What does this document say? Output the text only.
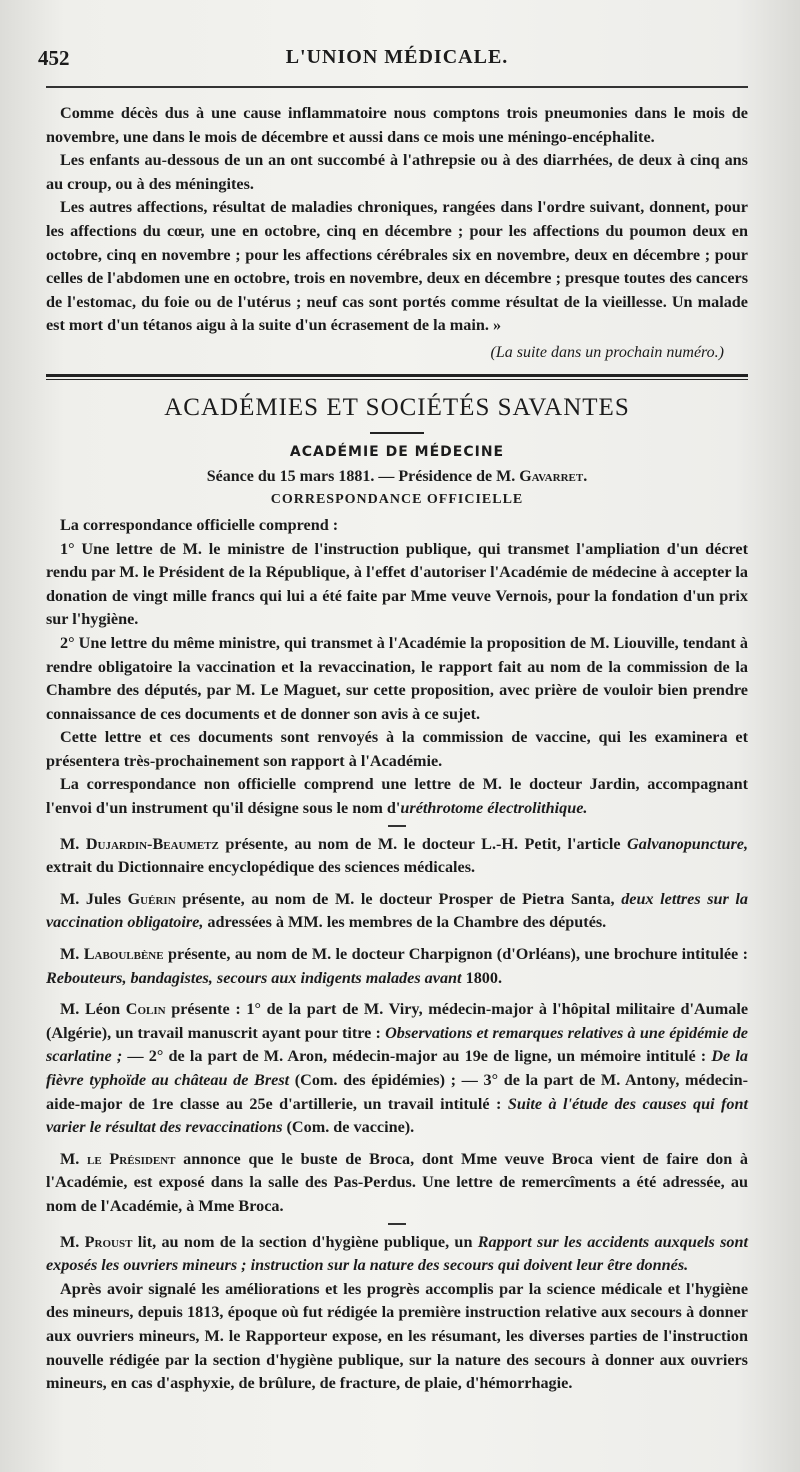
452	L'UNION MÉDICALE.

Comme décès dus à une cause inflammatoire nous comptons trois pneumonies dans le mois de novembre, une dans le mois de décembre et aussi dans ce mois une méningo-encéphalite.

Les enfants au-dessous de un an ont succombé à l'athrepsie ou à des diarrhées, de deux à cinq ans au croup, ou à des méningites.

Les autres affections, résultat de maladies chroniques, rangées dans l'ordre suivant, donnent, pour les affections du cœur, une en octobre, cinq en décembre ; pour les affections du poumon deux en octobre, cinq en novembre ; pour les affections cérébrales six en novembre, deux en décembre ; pour celles de l'abdomen une en octobre, trois en novembre, deux en décembre ; presque toutes des cancers de l'estomac, du foie ou de l'utérus ; neuf cas sont portés comme résultat de la vieillesse. Un malade est mort d'un tétanos aigu à la suite d'un écrasement de la main. »

(La suite dans un prochain numéro.)
ACADÉMIES ET SOCIÉTÉS SAVANTES
ACADÉMIE DE MÉDECINE
Séance du 15 mars 1881. — Présidence de M. Gavarret.
CORRESPONDANCE OFFICIELLE

La correspondance officielle comprend :

1° Une lettre de M. le ministre de l'instruction publique, qui transmet l'ampliation d'un décret rendu par M. le Président de la République, à l'effet d'autoriser l'Académie de médecine à accepter la donation de vingt mille francs qui lui a été faite par Mme veuve Vernois, pour la fondation d'un prix sur l'hygiène.

2° Une lettre du même ministre, qui transmet à l'Académie la proposition de M. Liouville, tendant à rendre obligatoire la vaccination et la revaccination, le rapport fait au nom de la commission de la Chambre des députés, par M. Le Maguet, sur cette proposition, avec prière de vouloir bien prendre connaissance de ces documents et de donner son avis à ce sujet.

Cette lettre et ces documents sont renvoyés à la commission de vaccine, qui les examinera et présentera très-prochainement son rapport à l'Académie.

La correspondance non officielle comprend une lettre de M. le docteur Jardin, accompagnant l'envoi d'un instrument qu'il désigne sous le nom d'uréthrotome électrolithique.

M. Dujardin-Beaumetz présente, au nom de M. le docteur L.-H. Petit, l'article Galvanopuncture, extrait du Dictionnaire encyclopédique des sciences médicales.

M. Jules Guérin présente, au nom de M. le docteur Prosper de Pietra Santa, deux lettres sur la vaccination obligatoire, adressées à MM. les membres de la Chambre des députés.

M. Laboulbène présente, au nom de M. le docteur Charpignon (d'Orléans), une brochure intitulée : Rebouteurs, bandagistes, secours aux indigents malades avant 1800.

M. Léon Colin présente : 1° de la part de M. Viry, médecin-major à l'hôpital militaire d'Aumale (Algérie), un travail manuscrit ayant pour titre : Observations et remarques relatives à une épidémie de scarlatine ; — 2° de la part de M. Aron, médecin-major au 19e de ligne, un mémoire intitulé : De la fièvre typhoïde au château de Brest (Com. des épidémies) ; — 3° de la part de M. Antony, médecin-aide-major de 1re classe au 25e d'artillerie, un travail intitulé : Suite à l'étude des causes qui font varier le résultat des revaccinations (Com. de vaccine).

M. le Président annonce que le buste de Broca, dont Mme veuve Broca vient de faire don à l'Académie, est exposé dans la salle des Pas-Perdus. Une lettre de remercîments a été adressée, au nom de l'Académie, à Mme Broca.

M. Proust lit, au nom de la section d'hygiène publique, un Rapport sur les accidents auxquels sont exposés les ouvriers mineurs ; instruction sur la nature des secours qui doivent leur être donnés.

Après avoir signalé les améliorations et les progrès accomplis par la science médicale et l'hygiène des mineurs, depuis 1813, époque où fut rédigée la première instruction relative aux secours à donner aux ouvriers mineurs, M. le Rapporteur expose, en les résumant, les diverses parties de l'instruction nouvelle rédigée par la section d'hygiène publique, sur la nature des secours à donner aux ouvriers mineurs, en cas d'asphyxie, de brûlure, de fracture, de plaie, d'hémorrhagie.
